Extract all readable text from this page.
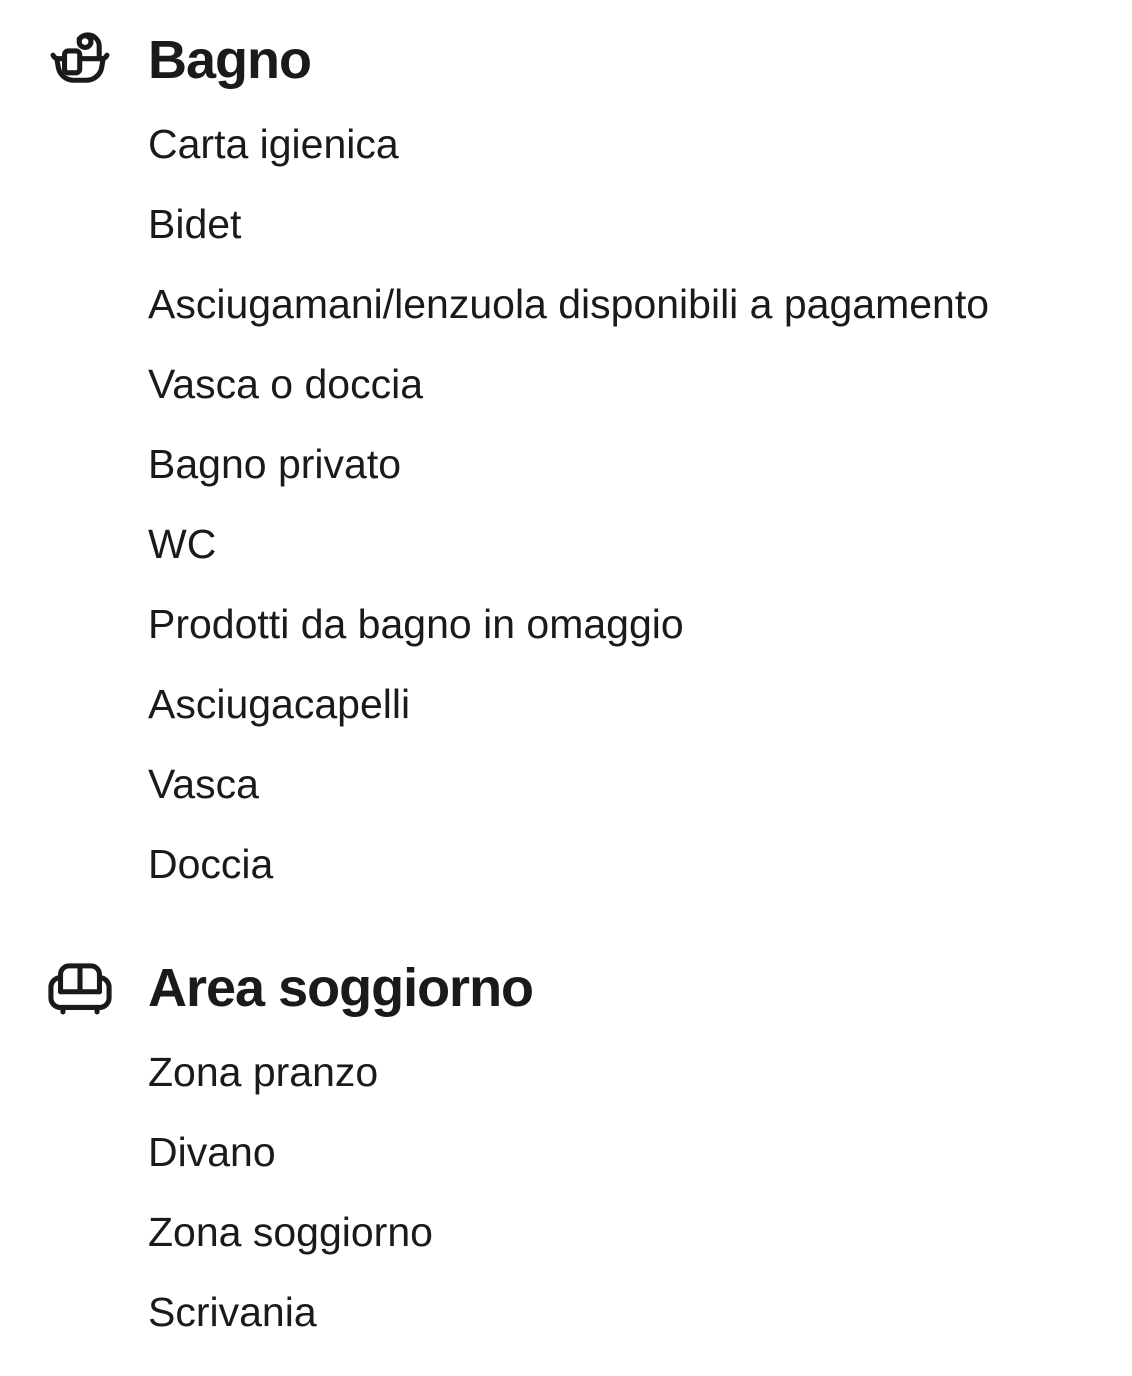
Bagno
Carta igienica
Bidet
Asciugamani/lenzuola disponibili a pagamento
Vasca o doccia
Bagno privato
WC
Prodotti da bagno in omaggio
Asciugacapelli
Vasca
Doccia
Area soggiorno
Zona pranzo
Divano
Zona soggiorno
Scrivania
